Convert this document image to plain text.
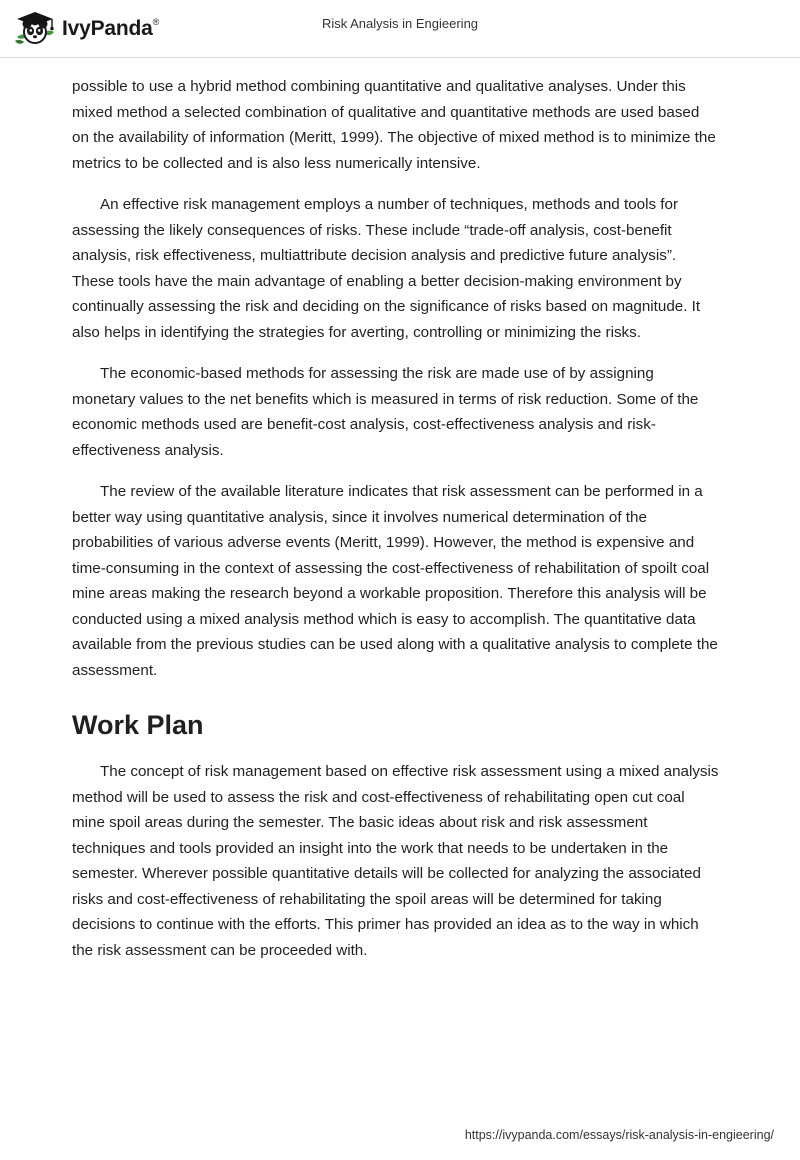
IvyPanda®	Risk Analysis in Engieering

possible to use a hybrid method combining quantitative and qualitative analyses. Under this mixed method a selected combination of qualitative and quantitative methods are used based on the availability of information (Meritt, 1999). The objective of mixed method is to minimize the metrics to be collected and is also less numerically intensive.

An effective risk management employs a number of techniques, methods and tools for assessing the likely consequences of risks. These include “trade-off analysis, cost-benefit analysis, risk effectiveness, multiattribute decision analysis and predictive future analysis”. These tools have the main advantage of enabling a better decision-making environment by continually assessing the risk and deciding on the significance of risks based on magnitude. It also helps in identifying the strategies for averting, controlling or minimizing the risks.

The economic-based methods for assessing the risk are made use of by assigning monetary values to the net benefits which is measured in terms of risk reduction. Some of the economic methods used are benefit-cost analysis, cost-effectiveness analysis and risk-effectiveness analysis.

The review of the available literature indicates that risk assessment can be performed in a better way using quantitative analysis, since it involves numerical determination of the probabilities of various adverse events (Meritt, 1999). However, the method is expensive and time-consuming in the context of assessing the cost-effectiveness of rehabilitation of spoilt coal mine areas making the research beyond a workable proposition. Therefore this analysis will be conducted using a mixed analysis method which is easy to accomplish. The quantitative data available from the previous studies can be used along with a qualitative analysis to complete the assessment.

Work Plan

The concept of risk management based on effective risk assessment using a mixed analysis method will be used to assess the risk and cost-effectiveness of rehabilitating open cut coal mine spoil areas during the semester. The basic ideas about risk and risk assessment techniques and tools provided an insight into the work that needs to be undertaken in the semester. Wherever possible quantitative details will be collected for analyzing the associated risks and cost-effectiveness of rehabilitating the spoil areas will be determined for taking decisions to continue with the efforts. This primer has provided an idea as to the way in which the risk assessment can be proceeded with.

https://ivypanda.com/essays/risk-analysis-in-engieering/
